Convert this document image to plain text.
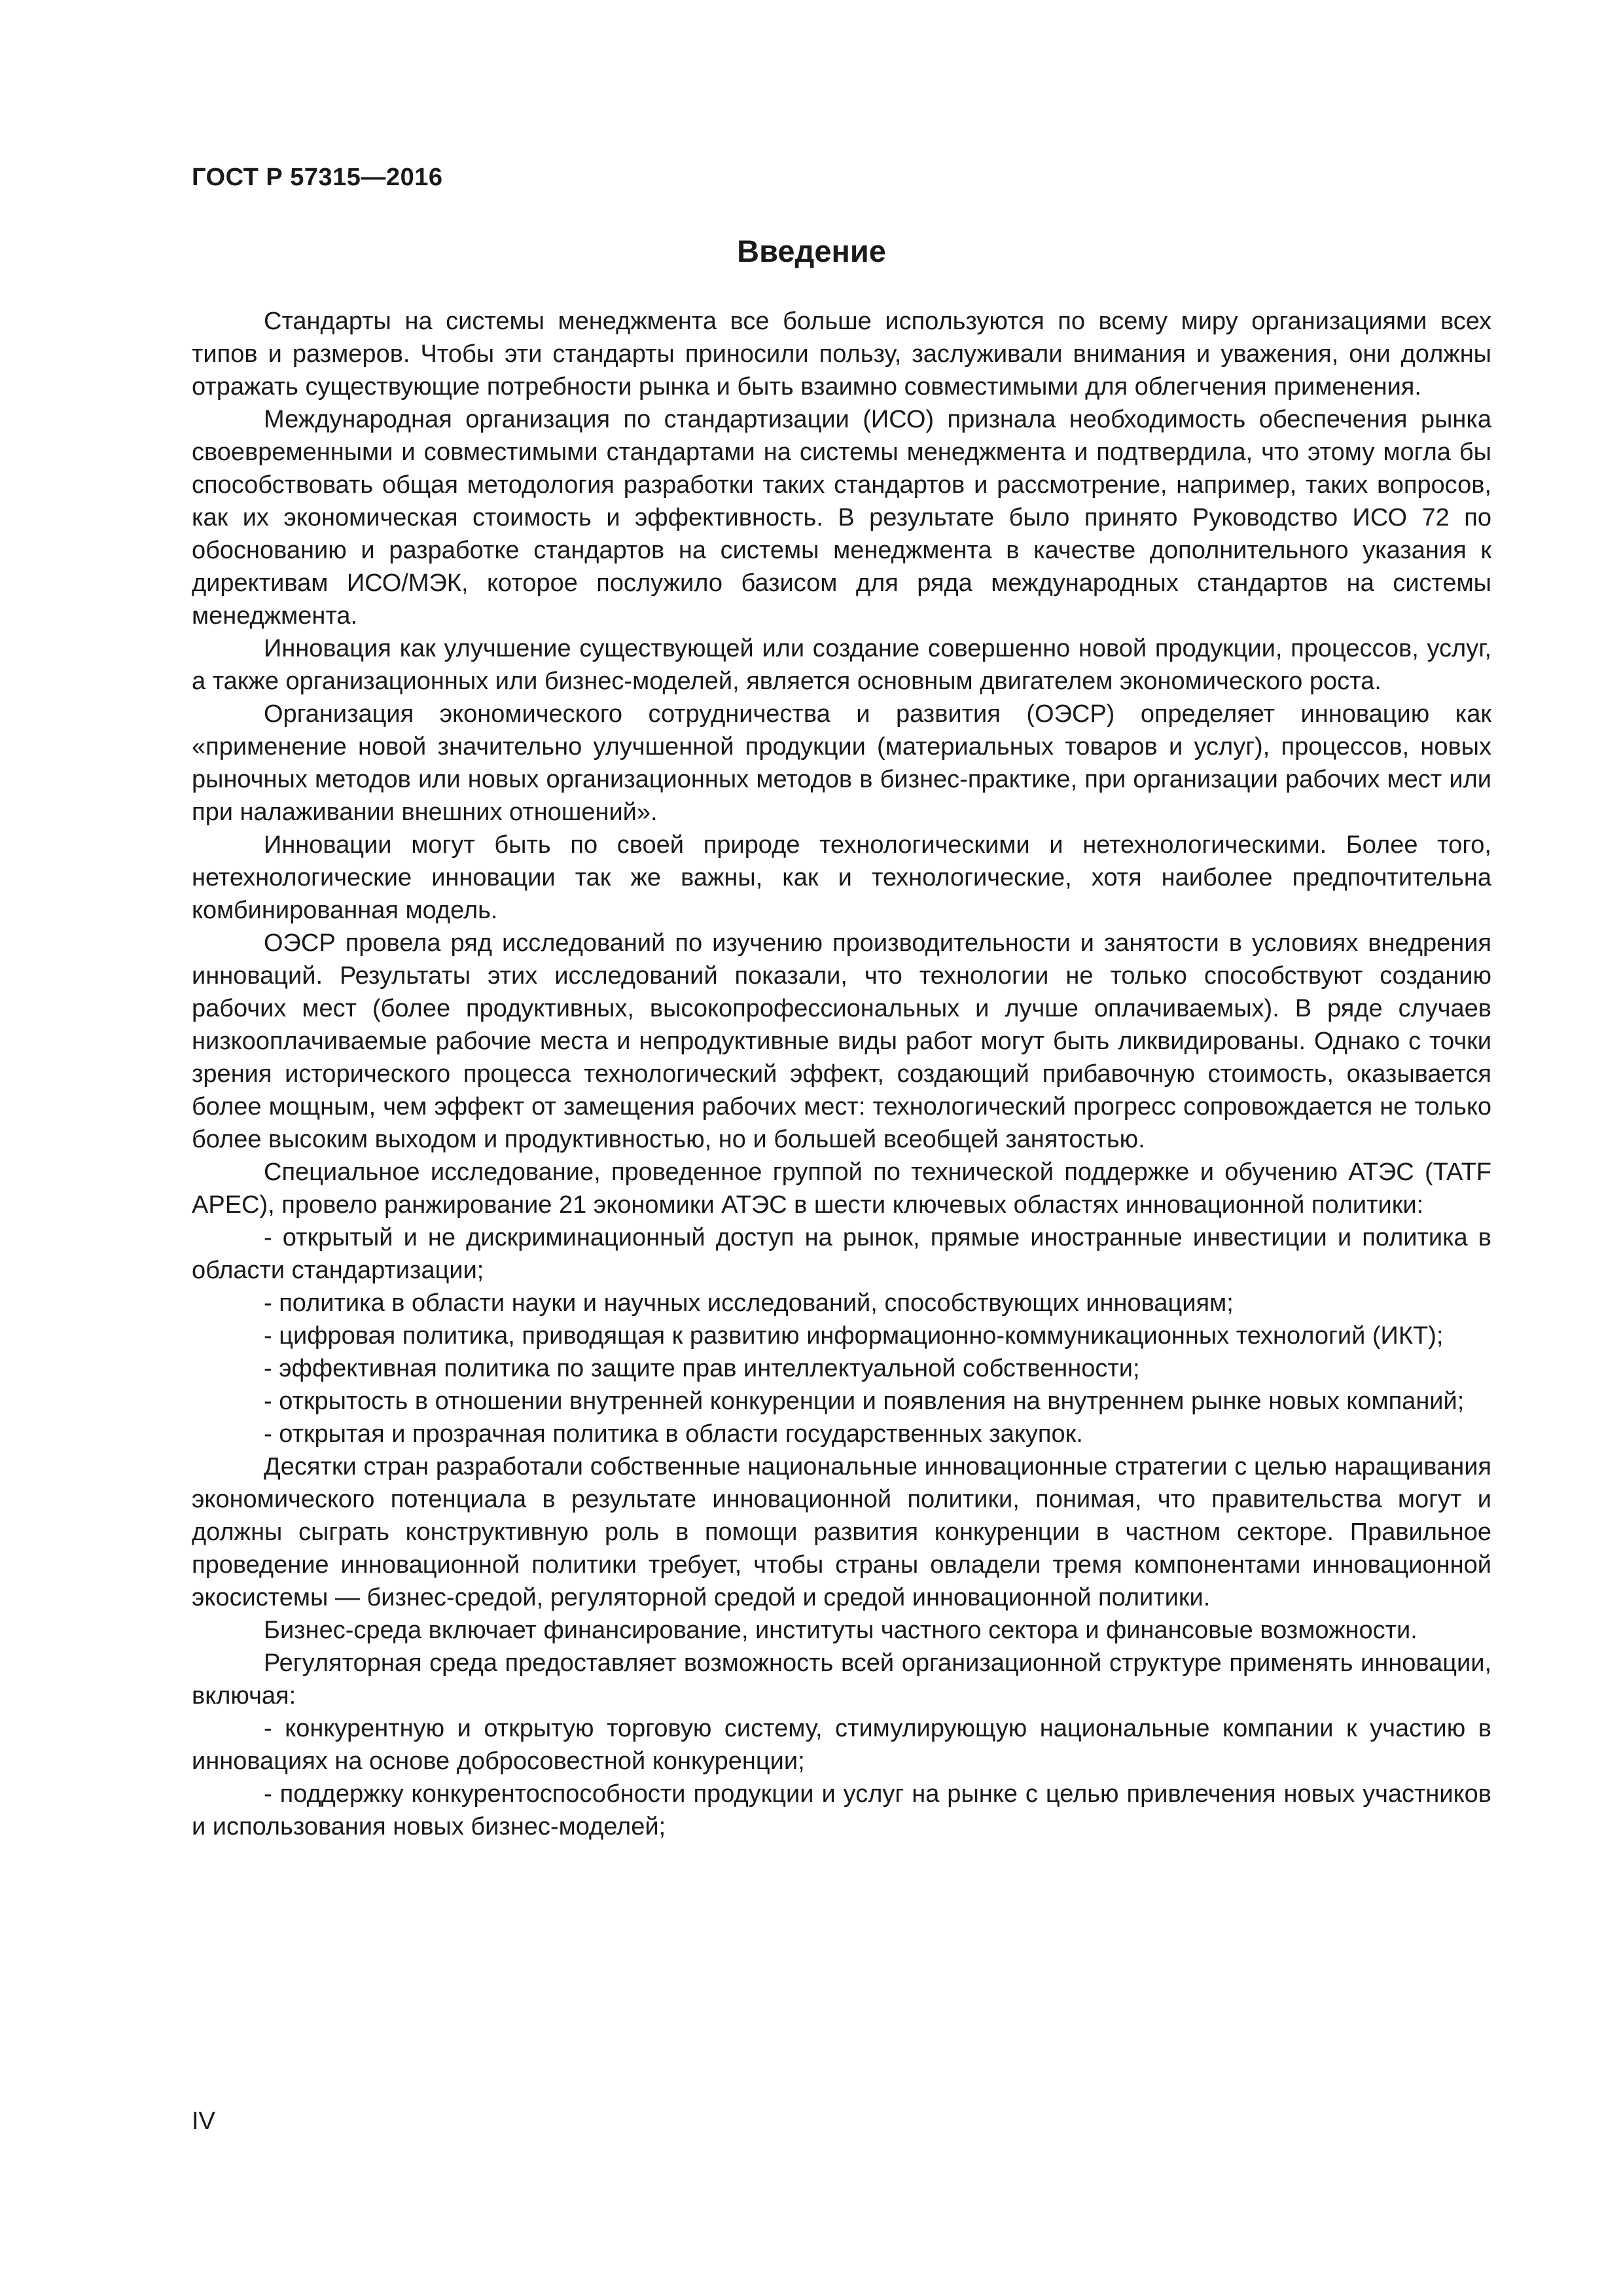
ГОСТ Р 57315—2016
Введение

Стандарты на системы менеджмента все больше используются по всему миру организациями всех типов и размеров. Чтобы эти стандарты приносили пользу, заслуживали внимания и уважения, они должны отражать существующие потребности рынка и быть взаимно совместимыми для облегчения применения.

Международная организация по стандартизации (ИСО) признала необходимость обеспечения рынка своевременными и совместимыми стандартами на системы менеджмента и подтвердила, что этому могла бы способствовать общая методология разработки таких стандартов и рассмотрение, например, таких вопросов, как их экономическая стоимость и эффективность. В результате было принято Руководство ИСО 72 по обоснованию и разработке стандартов на системы менеджмента в качестве дополнительного указания к директивам ИСО/МЭК, которое послужило базисом для ряда международных стандартов на системы менеджмента.

Инновация как улучшение существующей или создание совершенно новой продукции, процессов, услуг, а также организационных или бизнес-моделей, является основным двигателем экономического роста.

Организация экономического сотрудничества и развития (ОЭСР) определяет инновацию как «применение новой значительно улучшенной продукции (материальных товаров и услуг), процессов, новых рыночных методов или новых организационных методов в бизнес-практике, при организации рабочих мест или при налаживании внешних отношений».

Инновации могут быть по своей природе технологическими и нетехнологическими. Более того, нетехнологические инновации так же важны, как и технологические, хотя наиболее предпочтительна комбинированная модель.

ОЭСР провела ряд исследований по изучению производительности и занятости в условиях внедрения инноваций. Результаты этих исследований показали, что технологии не только способствуют созданию рабочих мест (более продуктивных, высокопрофессиональных и лучше оплачиваемых). В ряде случаев низкооплачиваемые рабочие места и непродуктивные виды работ могут быть ликвидированы. Однако с точки зрения исторического процесса технологический эффект, создающий прибавочную стоимость, оказывается более мощным, чем эффект от замещения рабочих мест: технологический прогресс сопровождается не только более высоким выходом и продуктивностью, но и большей всеобщей занятостью.

Специальное исследование, проведенное группой по технической поддержке и обучению АТЭС (TATF APEC), провело ранжирование 21 экономики АТЭС в шести ключевых областях инновационной политики:

- открытый и не дискриминационный доступ на рынок, прямые иностранные инвестиции и политика в области стандартизации;

- политика в области науки и научных исследований, способствующих инновациям;

- цифровая политика, приводящая к развитию информационно-коммуникационных технологий (ИКТ);

- эффективная политика по защите прав интеллектуальной собственности;

- открытость в отношении внутренней конкуренции и появления на внутреннем рынке новых компаний;

- открытая и прозрачная политика в области государственных закупок.

Десятки стран разработали собственные национальные инновационные стратегии с целью наращивания экономического потенциала в результате инновационной политики, понимая, что правительства могут и должны сыграть конструктивную роль в помощи развития конкуренции в частном секторе. Правильное проведение инновационной политики требует, чтобы страны овладели тремя компонентами инновационной экосистемы — бизнес-средой, регуляторной средой и средой инновационной политики.

Бизнес-среда включает финансирование, институты частного сектора и финансовые возможности.

Регуляторная среда предоставляет возможность всей организационной структуре применять инновации, включая:

- конкурентную и открытую торговую систему, стимулирующую национальные компании к участию в инновациях на основе добросовестной конкуренции;

- поддержку конкурентоспособности продукции и услуг на рынке с целью привлечения новых участников и использования новых бизнес-моделей;

IV
